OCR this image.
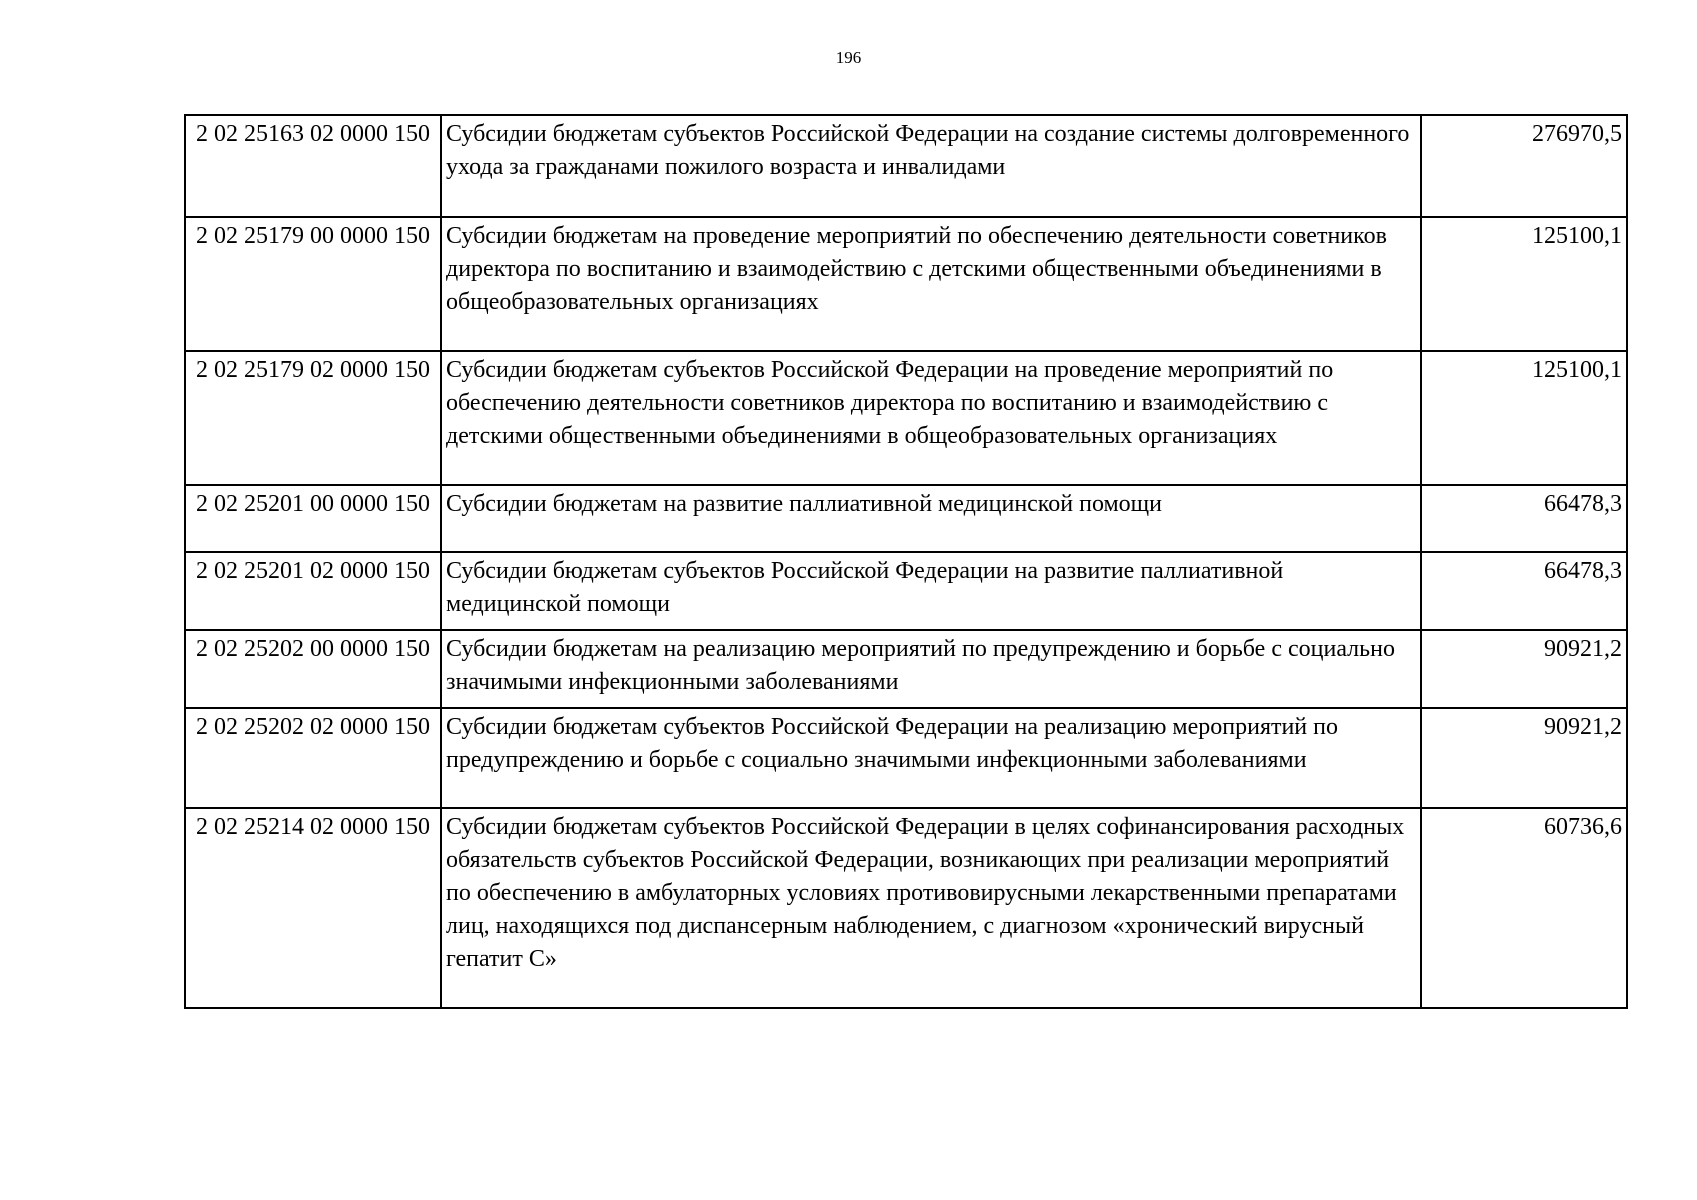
196
2 02 25163 02 0000 150	Субсидии бюджетам субъектов Российской Федерации на создание системы долговременного ухода за гражданами пожилого возраста и инвалидами	276970,5
2 02 25179 00 0000 150	Субсидии бюджетам на проведение мероприятий по обеспечению деятельности советников директора по воспитанию и взаимодействию с детскими общественными объединениями в общеобразовательных организациях	125100,1
2 02 25179 02 0000 150	Субсидии бюджетам субъектов Российской Федерации на проведение мероприятий по обеспечению деятельности советников директора по воспитанию и взаимодействию с детскими общественными объединениями в общеобразовательных организациях	125100,1
2 02 25201 00 0000 150	Субсидии бюджетам на развитие паллиативной медицинской помощи	66478,3
2 02 25201 02 0000 150	Субсидии бюджетам субъектов Российской Федерации на развитие паллиативной медицинской помощи	66478,3
2 02 25202 00 0000 150	Субсидии бюджетам на реализацию мероприятий по предупреждению и борьбе с социально значимыми инфекционными заболеваниями	90921,2
2 02 25202 02 0000 150	Субсидии бюджетам субъектов Российской Федерации на реализацию мероприятий по предупреждению и борьбе с социально значимыми инфекционными заболеваниями	90921,2
2 02 25214 02 0000 150	Субсидии бюджетам субъектов Российской Федерации в целях софинансирования расходных обязательств субъектов Российской Федерации, возникающих при реализации мероприятий по обеспечению в амбулаторных условиях противовирусными лекарственными препаратами лиц, находящихся под диспансерным наблюдением, с диагнозом «хронический вирусный гепатит С»	60736,6
